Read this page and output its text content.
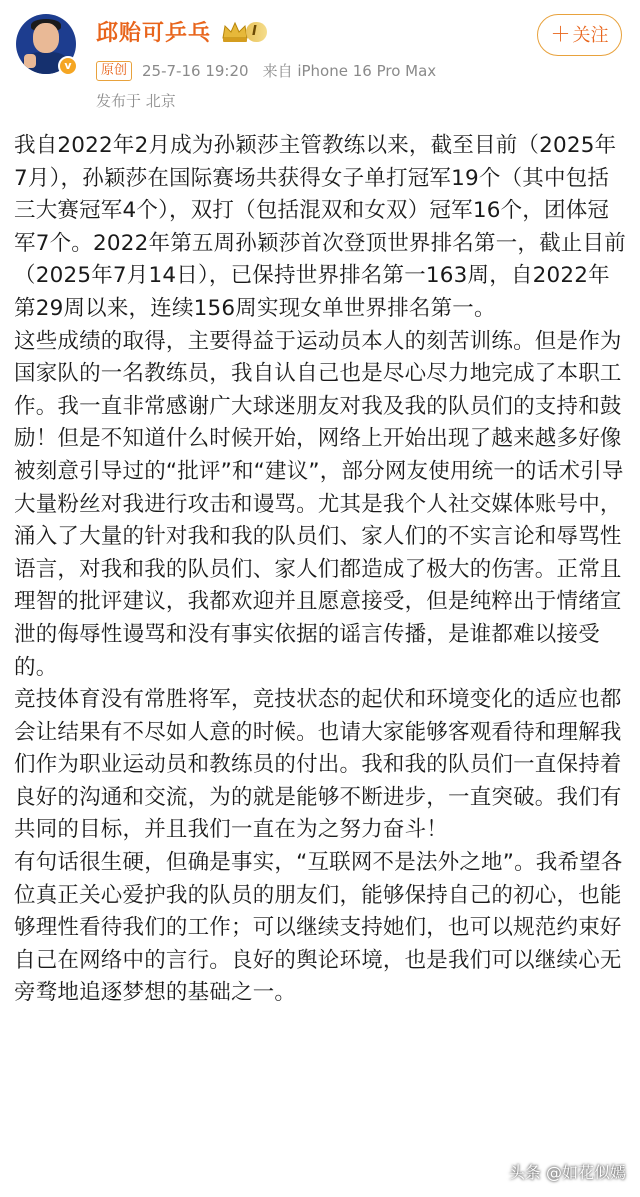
v
邱贻可乒乓	I	＋ 关注
原创	25-7-16 19:20 来自 iPhone 16 Pro Max
发布于 北京

我自2022年2月成为孙颖莎主管教练以来，截至目前（2025年7月），孙颖莎在国际赛场共获得女子单打冠军19个（其中包括三大赛冠军4个），双打（包括混双和女双）冠军16个，团体冠军7个。2022年第五周孙颖莎首次登顶世界排名第一，截止目前（2025年7月14日），已保持世界排名第一163周，自2022年第29周以来，连续156周实现女单世界排名第一。

这些成绩的取得，主要得益于运动员本人的刻苦训练。但是作为国家队的一名教练员，我自认自己也是尽心尽力地完成了本职工作。我一直非常感谢广大球迷朋友对我及我的队员们的支持和鼓励！但是不知道什么时候开始，网络上开始出现了越来越多好像被刻意引导过的“批评”和“建议”，部分网友使用统一的话术引导大量粉丝对我进行攻击和谩骂。尤其是我个人社交媒体账号中，涌入了大量的针对我和我的队员们、家人们的不实言论和辱骂性语言，对我和我的队员们、家人们都造成了极大的伤害。正常且理智的批评建议，我都欢迎并且愿意接受，但是纯粹出于情绪宣泄的侮辱性谩骂和没有事实依据的谣言传播，是谁都难以接受的。

竞技体育没有常胜将军，竞技状态的起伏和环境变化的适应也都会让结果有不尽如人意的时候。也请大家能够客观看待和理解我们作为职业运动员和教练员的付出。我和我的队员们一直保持着良好的沟通和交流，为的就是能够不断进步，一直突破。我们有共同的目标，并且我们一直在为之努力奋斗！

有句话很生硬，但确是事实，“互联网不是法外之地”。我希望各位真正关心爱护我的队员的朋友们，能够保持自己的初心，也能够理性看待我们的工作；可以继续支持她们，也可以规范约束好自己在网络中的言行。良好的舆论环境，也是我们可以继续心无旁骛地追逐梦想的基础之一。

头条 @如花似嫣
